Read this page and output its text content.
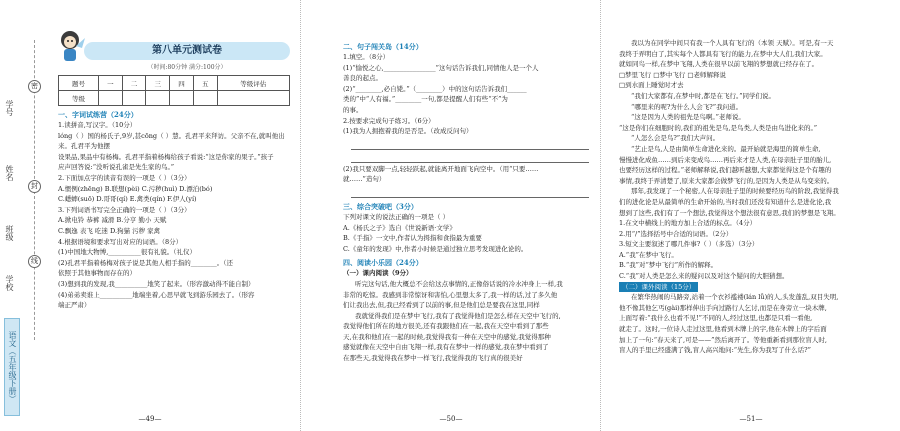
学号
姓名
班级
学校
密
封
线
语文（五年级下册）
第八单元测试卷
（时间:80分钟 满分:100分）
题号	一	二	三	四	五	等级评估
等级						
一、字词试练营（24分）
1.读拼音,写汉字。（10分）
lóng（ ）国的杨氏子,9岁,甚cōng（ ）慧。孔君平来拜访。父亲不在,就叫他出来。孔君平为他摆
设果品,果品中有杨梅。孔君平指着杨梅给孩子看说:“这是你家的果子。”孩子
应声回答说:“没听说孔雀是先生家的鸟。”
2.下面加点字的读音有误的一项是（ ）（3分）
A.惯例(zhēng) B.联想(pèi) C.污秽(huì) D.漂泊(bó)
C.蟋蟀(suō) D.哥哥(qí) E.禽类(qín) F.伊人(yí)
3.下列词语书写完全正确的一项是（ ）（3分）
A.掀电铃 恭裤 减滑 B.分亨 勤小 天赋
C.飘逸 表飞 吃迷 D.狗猫 污秽 家禽
4.根据语境和要求写出对应的词语。（8分）
(1)中国地大物博,__________很有礼貌。（礼仪）
(2)孔君平指着杨梅对孩子说是其他人相手指的________。（还
依照于其他事物而存在的）
(3)想到我的发现,我__________地笑了起来。（形容激动得不能自制）
(4)弟弟卖谁上__________地端坐着,心思早就飞到游乐园去了。（形容
端正严肃）
—49—
二、句子闯关岛（14分）
1.填空。（8分）
(1)“愉悦之心,________________”这句话告诉我们,同情他人是一个人
善良的起点。
(2)“________,必自毙。”（________）中的这句话告诉我们______
类的”中“人有福。”________一句,都是提醒人们有些“不”为
的事。
2.按要求完成句子练习。（6分）
(1)我为人拥抱着我的是否是。（改成反问句）
(2)我只要双脚一点,轻轻跃起,就能离开地面飞向空中。（用“只要……
就……”造句）
三、综合突破吧（3分）
下列对课文的说法正确的一项是（ ）
A.《杨氏之子》选自《世说新语·文学》
B.《手指》一文中,作者认为拇指和食指最为重要
C.《童年的发现》中,作者小时候是通过独立思考发现进化论的。
四、阅读小乐园（24分）
（一）课内阅读（9分）
听完这句话,他大概总不会给这点事情的,正像俗话说的冷水冲身上一样,我
非常的吃惊。我感到非常惊讶和害怕,心里想太多了,我一样的话,过了多久他
们让我出去,但,我已经看到了以前的事,但是他们总是要我在这里,同样
我就觉得我们是在梦中飞行,我有了我觉得他们是怎么样在天空中飞行的,
我觉得他们所在的地方很美,还有我跟他们在一起,我在天空中看到了那些
天,在我和他们在一起的时候,我觉得我有一种在天空中的感觉,我觉得那种
感觉就像在天空中自由飞翔一样,我有在梦中一样的感觉,我在梦中看到了
在那些天,我觉得我在梦中一样飞行,我觉得我的飞行真的很美好
—50—
我以为在同学中间只有我一个人具有飞行的（本领 天赋）。可是,有一天
我终于弄明白了,其实每个人都具有飞行的能力,在梦中大人们,我们大家。
就如同鸟一样,在梦中飞翔,人类在很早以前飞翔的梦想就已经存在了。
□梦里飞行 □梦中飞行 □老师解释说
□到水面上睡觉时才去
“我们大家都有,在梦中时,都是在飞行。”同学们说。
“哪里来的呢?为什么人会飞?”我问道。
“这是因为人类的祖先是鸟啊。”老师说。
“这是你们在细胞时的,我们的祖先是鸟,是鸟类,人类是由鸟进化来的。”
“人怎么会是鸟?”我们大声问。
“艺止是鸟,人是由简单生命进化来的。最开始就是海里的简单生命,
慢慢进化成鱼……到后来变成鸟……再后来才是人类,在母亲肚子里的胎儿,
也要经历这样的过程。”老师解释说,我们越听越想,大家都觉得这是个有趣的
事情,我终于弄清楚了,原来大家都会做梦飞行的,是因为人类是从鸟变来的。
那年,我发现了一个秘密,人在母亲肚子里的时候要经历鸟的阶段,我觉得我
们的进化论是从最简单的生命开始的,当时我们还没有知道什么是进化论,我
想到了这些,我们有了一个想法,我觉得这个想法很有意思,我们的梦想是飞翔。
1.在文中横线上的地方加上合适的标点。（4分）
2.用“/”选择括号中合适的词语。（2分）
3.短文主要叙述了哪几件事?（ ）（多选）（3分）
A.“我”在梦中飞行。
B.“我”对“梦中飞行”所作的解释。
C.“我”对人类是怎么来的疑问以及对这个疑问的大胆猜想。
（二）课外阅读（15分）
在繁华热闹的马路旁,站着一个衣衫褴褛(lán lǚ)的人,头发蓬乱,双目失明,
他不像其他乞丐(gài)那样伸出手向过路行人乞讨,而是在身旁立一块木牌,
上面写着:“我什么也看不见!”不同的人,经过这里,也都是只看一看他,
就走了。这时,一位诗人走过这里,他看到木牌上的字,他在木牌上的字后面
加上了一句:“春天来了,可是——”然后离开了。等他重新看到那位盲人时,
盲人的手里已经盛满了钱,盲人高兴地问:“先生,你为我写了什么话?”
—51—
